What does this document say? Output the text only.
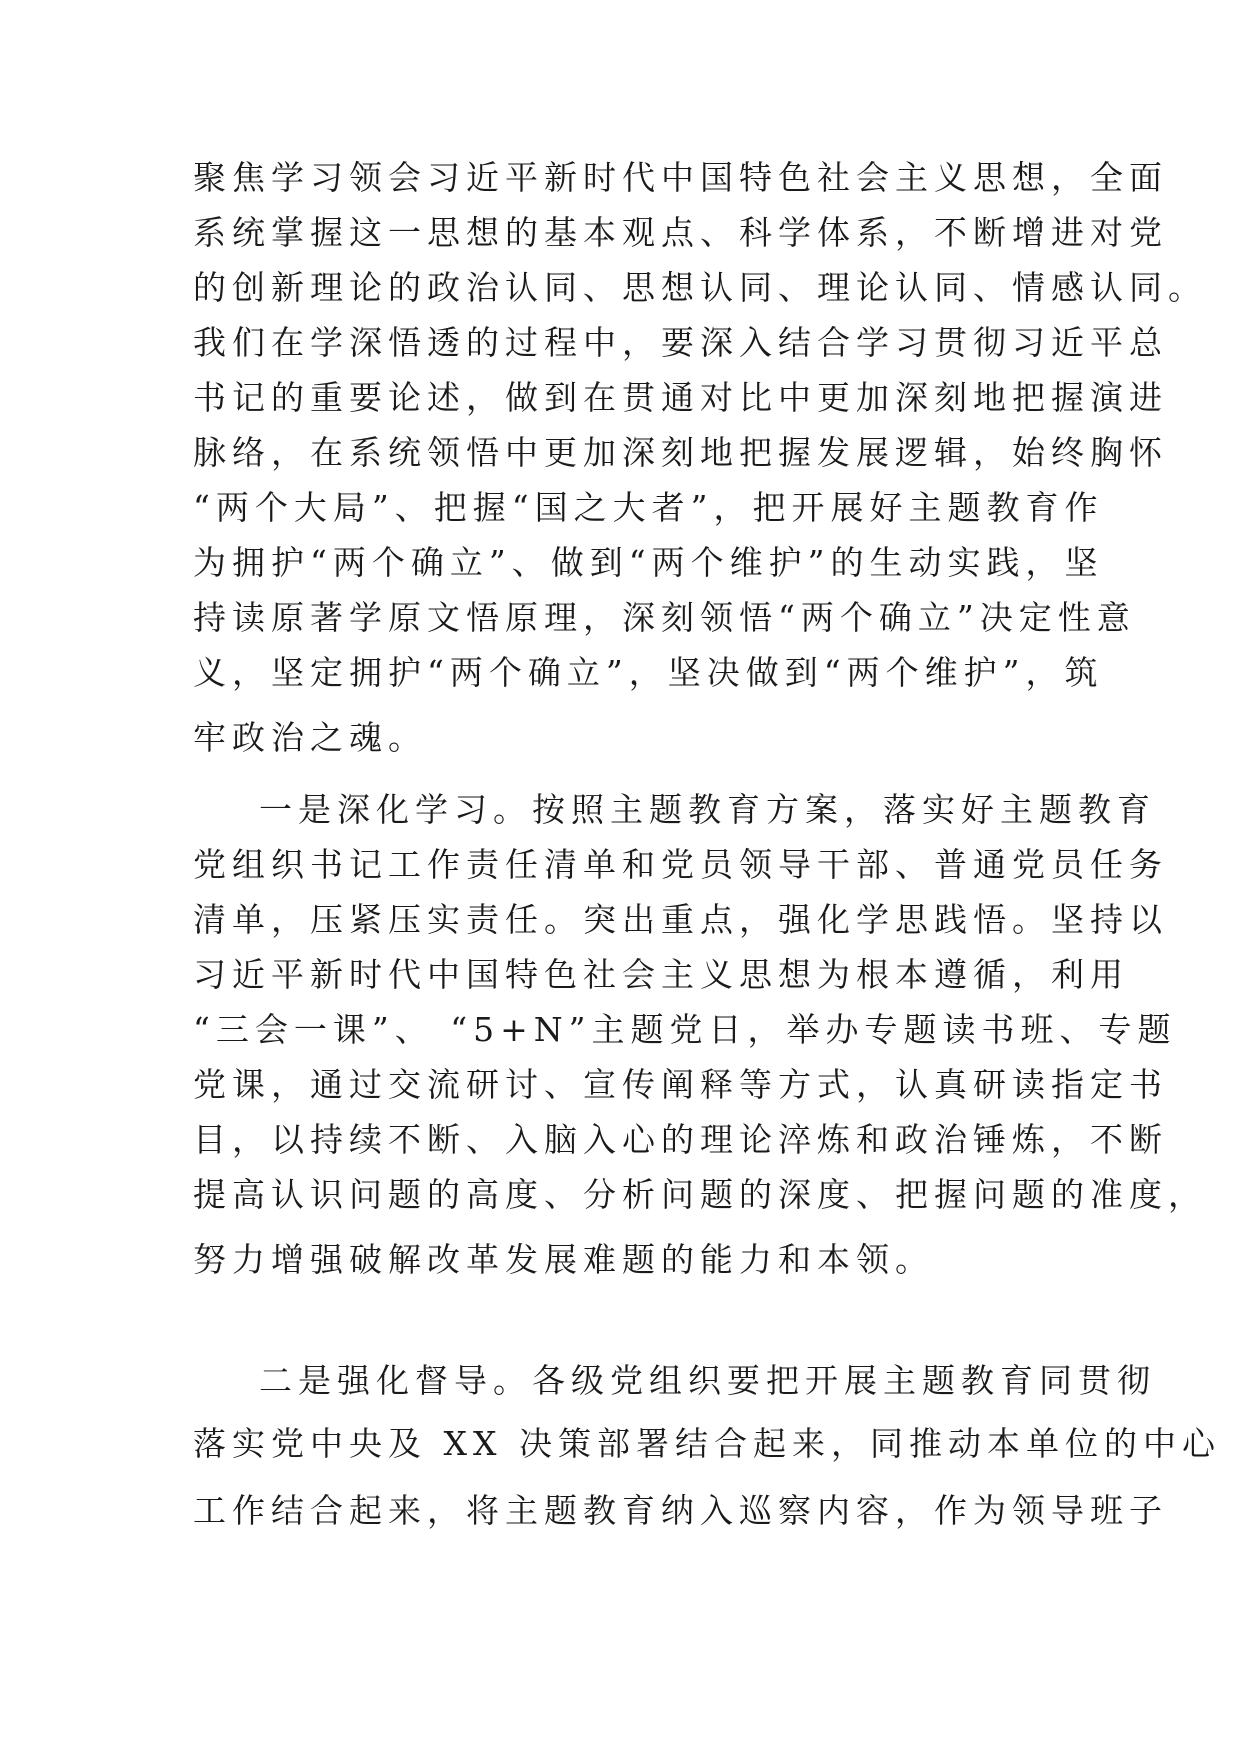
聚焦学习领会习近平新时代中国特色社会主义思想，全面
系统掌握这一思想的基本观点、科学体系，不断增进对党
的创新理论的政治认同、思想认同、理论认同、情感认同。
我们在学深悟透的过程中，要深入结合学习贯彻习近平总
书记的重要论述，做到在贯通对比中更加深刻地把握演进
脉络，在系统领悟中更加深刻地把握发展逻辑，始终胸怀
“两个大局”、把握“国之大者”，把开展好主题教育作
为拥护“两个确立”、做到“两个维护”的生动实践，坚
持读原著学原文悟原理，深刻领悟“两个确立”决定性意
义，坚定拥护“两个确立”，坚决做到“两个维护”，筑
牢政治之魂。
一是深化学习。按照主题教育方案，落实好主题教育
党组织书记工作责任清单和党员领导干部、普通党员任务
清单，压紧压实责任。突出重点，强化学思践悟。坚持以
习近平新时代中国特色社会主义思想为根本遵循，利用
“三会一课”、 “5+N”主题党日，举办专题读书班、专题
党课，通过交流研讨、宣传阐释等方式，认真研读指定书
目，以持续不断、入脑入心的理论淬炼和政治锤炼，不断
提高认识问题的高度、分析问题的深度、把握问题的准度，
努力增强破解改革发展难题的能力和本领。
二是强化督导。各级党组织要把开展主题教育同贯彻
落实党中央及 XX 决策部署结合起来，同推动本单位的中心
工作结合起来，将主题教育纳入巡察内容，作为领导班子
